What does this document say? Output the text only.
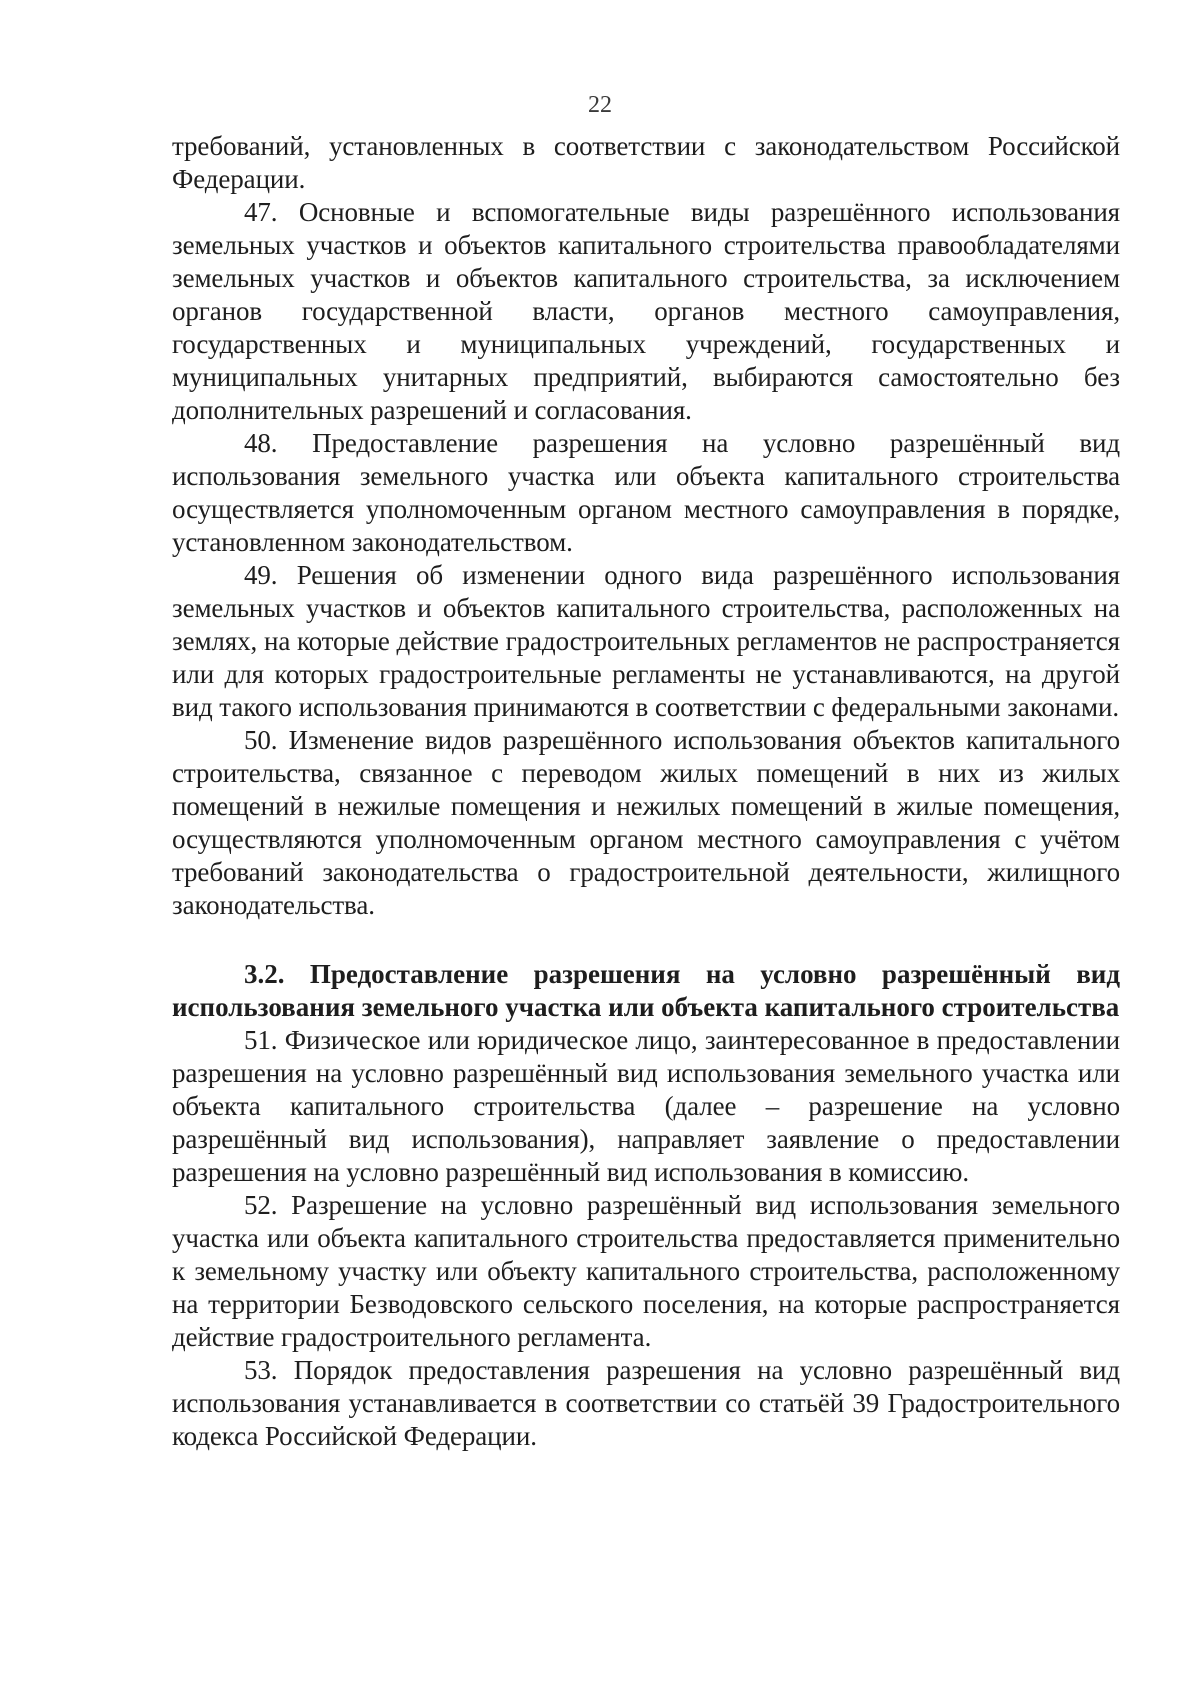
22

требований, установленных в соответствии с законодательством Российской Федерации.

47. Основные и вспомогательные виды разрешённого использования земельных участков и объектов капитального строительства правообладателями земельных участков и объектов капитального строительства, за исключением органов государственной власти, органов местного самоуправления, государственных и муниципальных учреждений, государственных и муниципальных унитарных предприятий, выбираются самостоятельно без дополнительных разрешений и согласования.

48. Предоставление разрешения на условно разрешённый вид использования земельного участка или объекта капитального строительства осуществляется уполномоченным органом местного самоуправления в порядке, установленном законодательством.

49. Решения об изменении одного вида разрешённого использования земельных участков и объектов капитального строительства, расположенных на землях, на которые действие градостроительных регламентов не распространяется или для которых градостроительные регламенты не устанавливаются, на другой вид такого использования принимаются в соответствии с федеральными законами.

50. Изменение видов разрешённого использования объектов капитального строительства, связанное с переводом жилых помещений в них из жилых помещений в нежилые помещения и нежилых помещений в жилые помещения, осуществляются уполномоченным органом местного самоуправления с учётом требований законодательства о градостроительной деятельности, жилищного законодательства.

3.2. Предоставление разрешения на условно разрешённый вид использования земельного участка или объекта капитального строительства

51. Физическое или юридическое лицо, заинтересованное в предоставлении разрешения на условно разрешённый вид использования земельного участка или объекта капитального строительства (далее – разрешение на условно разрешённый вид использования), направляет заявление о предоставлении разрешения на условно разрешённый вид использования в комиссию.

52. Разрешение на условно разрешённый вид использования земельного участка или объекта капитального строительства предоставляется применительно к земельному участку или объекту капитального строительства, расположенному на территории Безводовского сельского поселения, на которые распространяется действие градостроительного регламента.

53. Порядок предоставления разрешения на условно разрешённый вид использования устанавливается в соответствии со статьёй 39 Градостроительного кодекса Российской Федерации.
